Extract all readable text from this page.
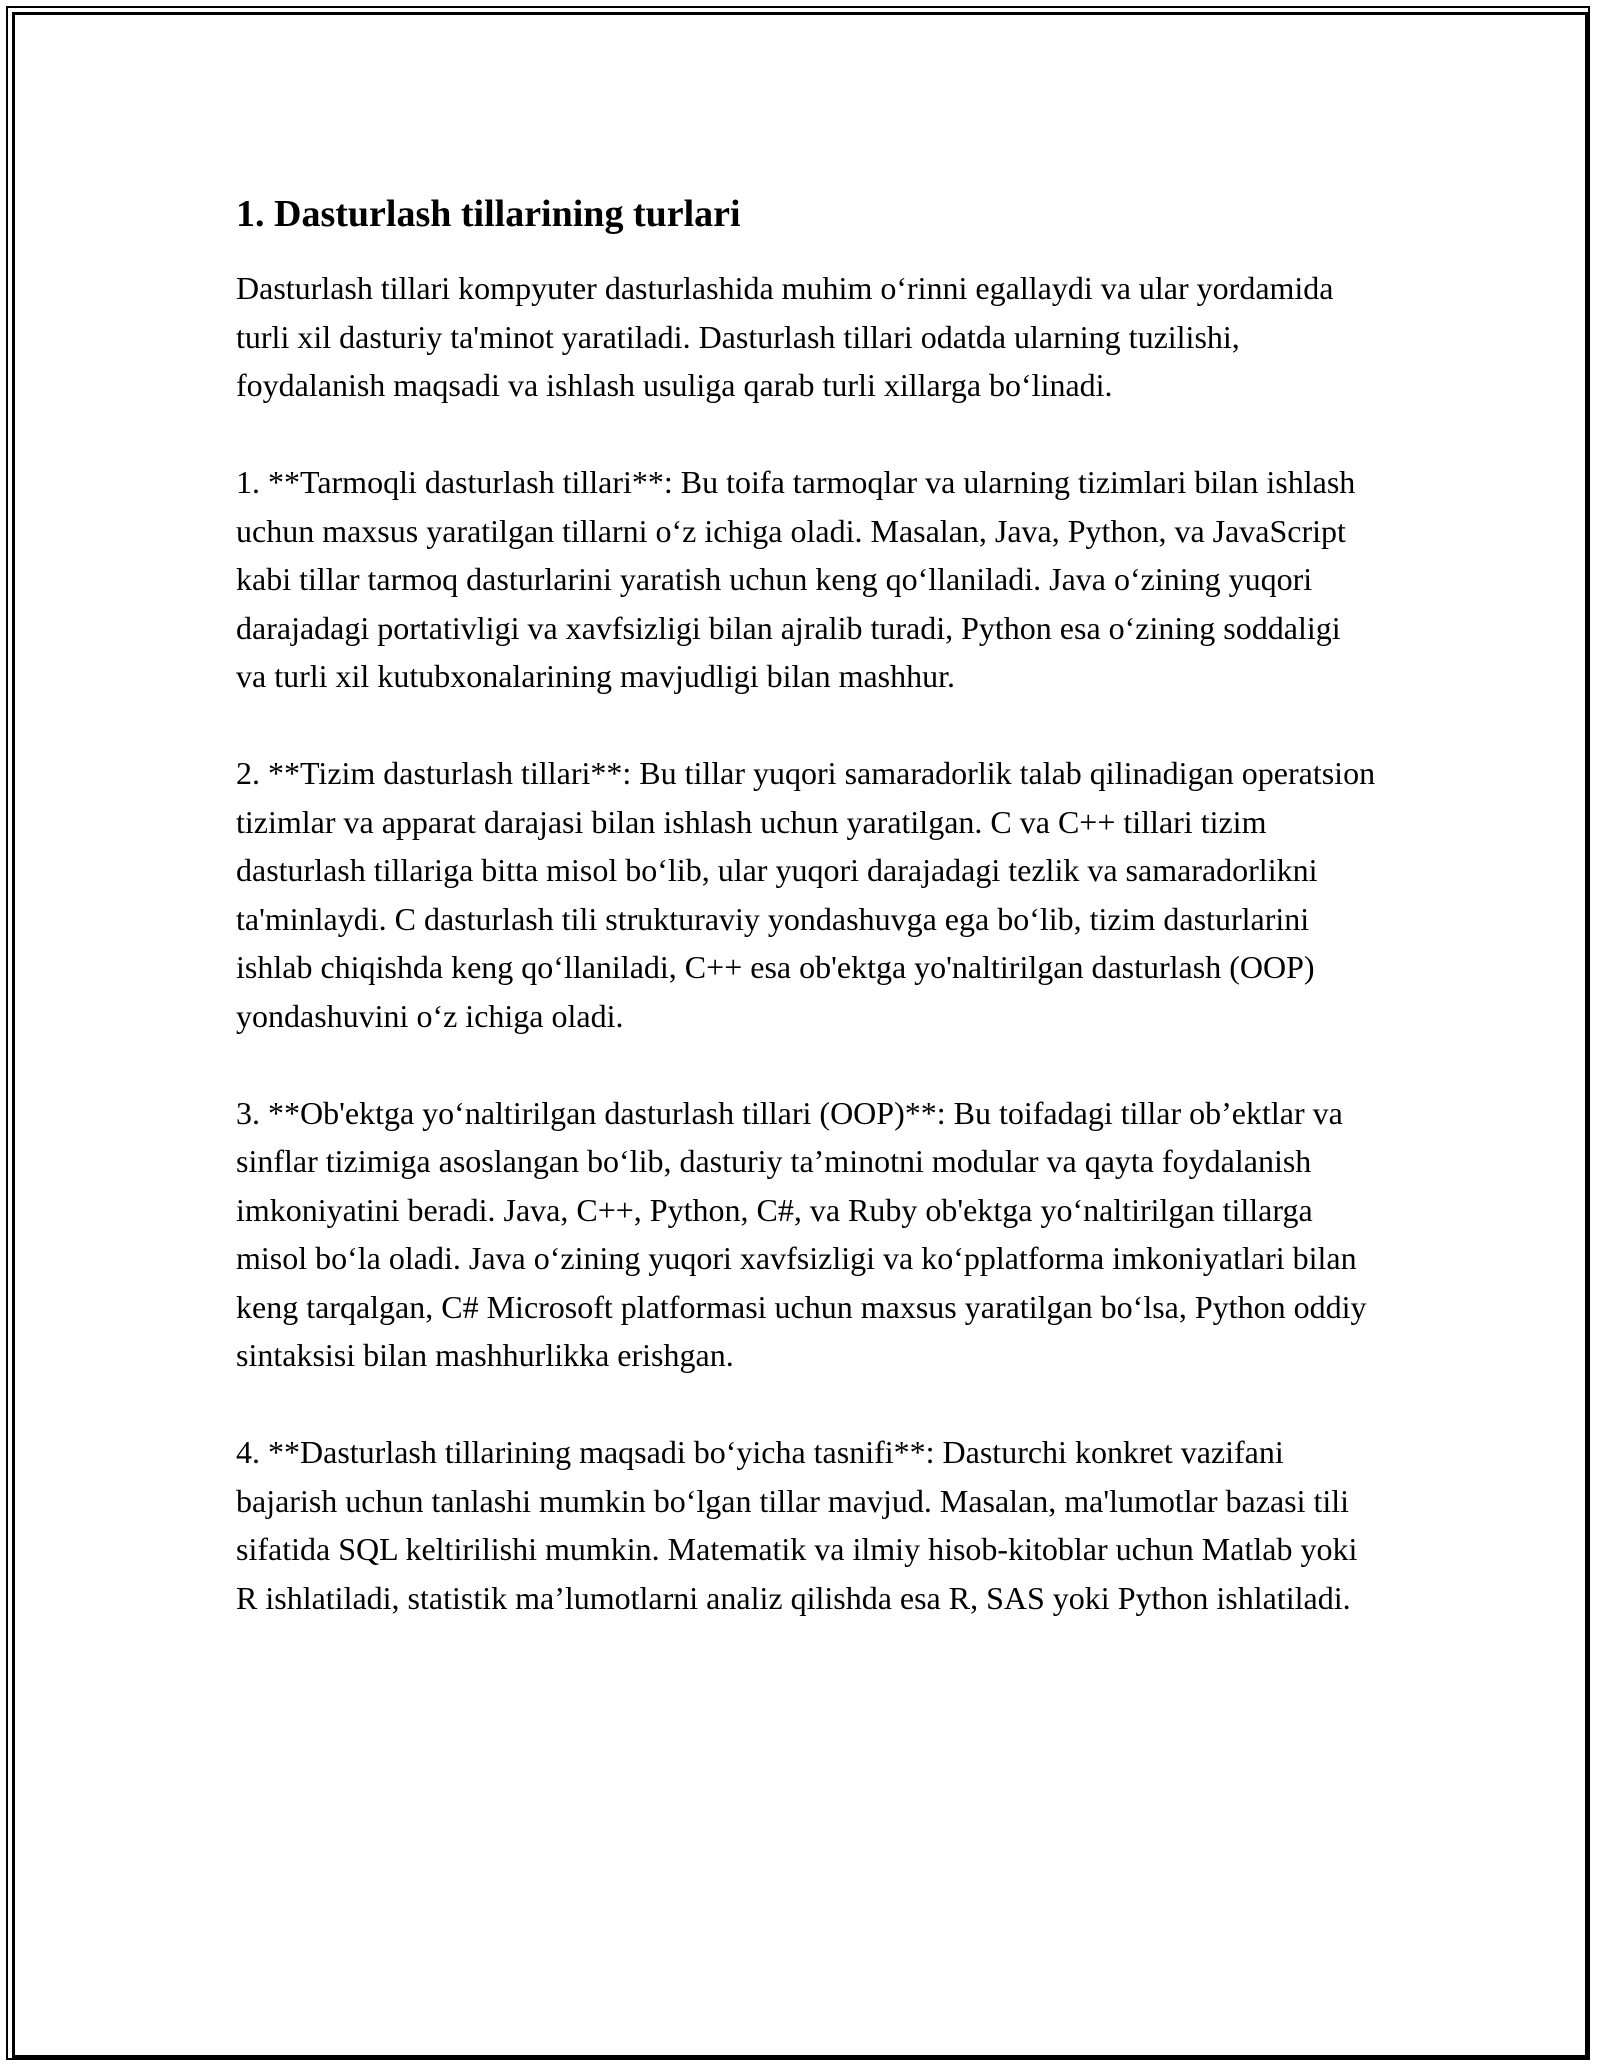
1. Dasturlash tillarining turlari

Dasturlash tillari kompyuter dasturlashida muhim o‘rinni egallaydi va ular yordamida turli xil dasturiy ta'minot yaratiladi. Dasturlash tillari odatda ularning tuzilishi, foydalanish maqsadi va ishlash usuliga qarab turli xillarga bo‘linadi.

1. **Tarmoqli dasturlash tillari**: Bu toifa tarmoqlar va ularning tizimlari bilan ishlash uchun maxsus yaratilgan tillarni o‘z ichiga oladi. Masalan, Java, Python, va JavaScript kabi tillar tarmoq dasturlarini yaratish uchun keng qo‘llaniladi. Java o‘zining yuqori darajadagi portativligi va xavfsizligi bilan ajralib turadi, Python esa o‘zining soddaligi va turli xil kutubxonalarining mavjudligi bilan mashhur.

2. **Tizim dasturlash tillari**: Bu tillar yuqori samaradorlik talab qilinadigan operatsion tizimlar va apparat darajasi bilan ishlash uchun yaratilgan. C va C++ tillari tizim dasturlash tillariga bitta misol bo‘lib, ular yuqori darajadagi tezlik va samaradorlikni ta'minlaydi. C dasturlash tili strukturaviy yondashuvga ega bo‘lib, tizim dasturlarini ishlab chiqishda keng qo‘llaniladi, C++ esa ob'ektga yo'naltirilgan dasturlash (OOP) yondashuvini o‘z ichiga oladi.

3. **Ob'ektga yo‘naltirilgan dasturlash tillari (OOP)**: Bu toifadagi tillar ob’ektlar va sinflar tizimiga asoslangan bo‘lib, dasturiy ta’minotni modular va qayta foydalanish imkoniyatini beradi. Java, C++, Python, C#, va Ruby ob'ektga yo‘naltirilgan tillarga misol bo‘la oladi. Java o‘zining yuqori xavfsizligi va ko‘pplatforma imkoniyatlari bilan keng tarqalgan, C# Microsoft platformasi uchun maxsus yaratilgan bo‘lsa, Python oddiy sintaksisi bilan mashhurlikka erishgan.

4. **Dasturlash tillarining maqsadi bo‘yicha tasnifi**: Dasturchi konkret vazifani bajarish uchun tanlashi mumkin bo‘lgan tillar mavjud. Masalan, ma'lumotlar bazasi tili sifatida SQL keltirilishi mumkin. Matematik va ilmiy hisob-kitoblar uchun Matlab yoki R ishlatiladi, statistik ma’lumotlarni analiz qilishda esa R, SAS yoki Python ishlatiladi.
